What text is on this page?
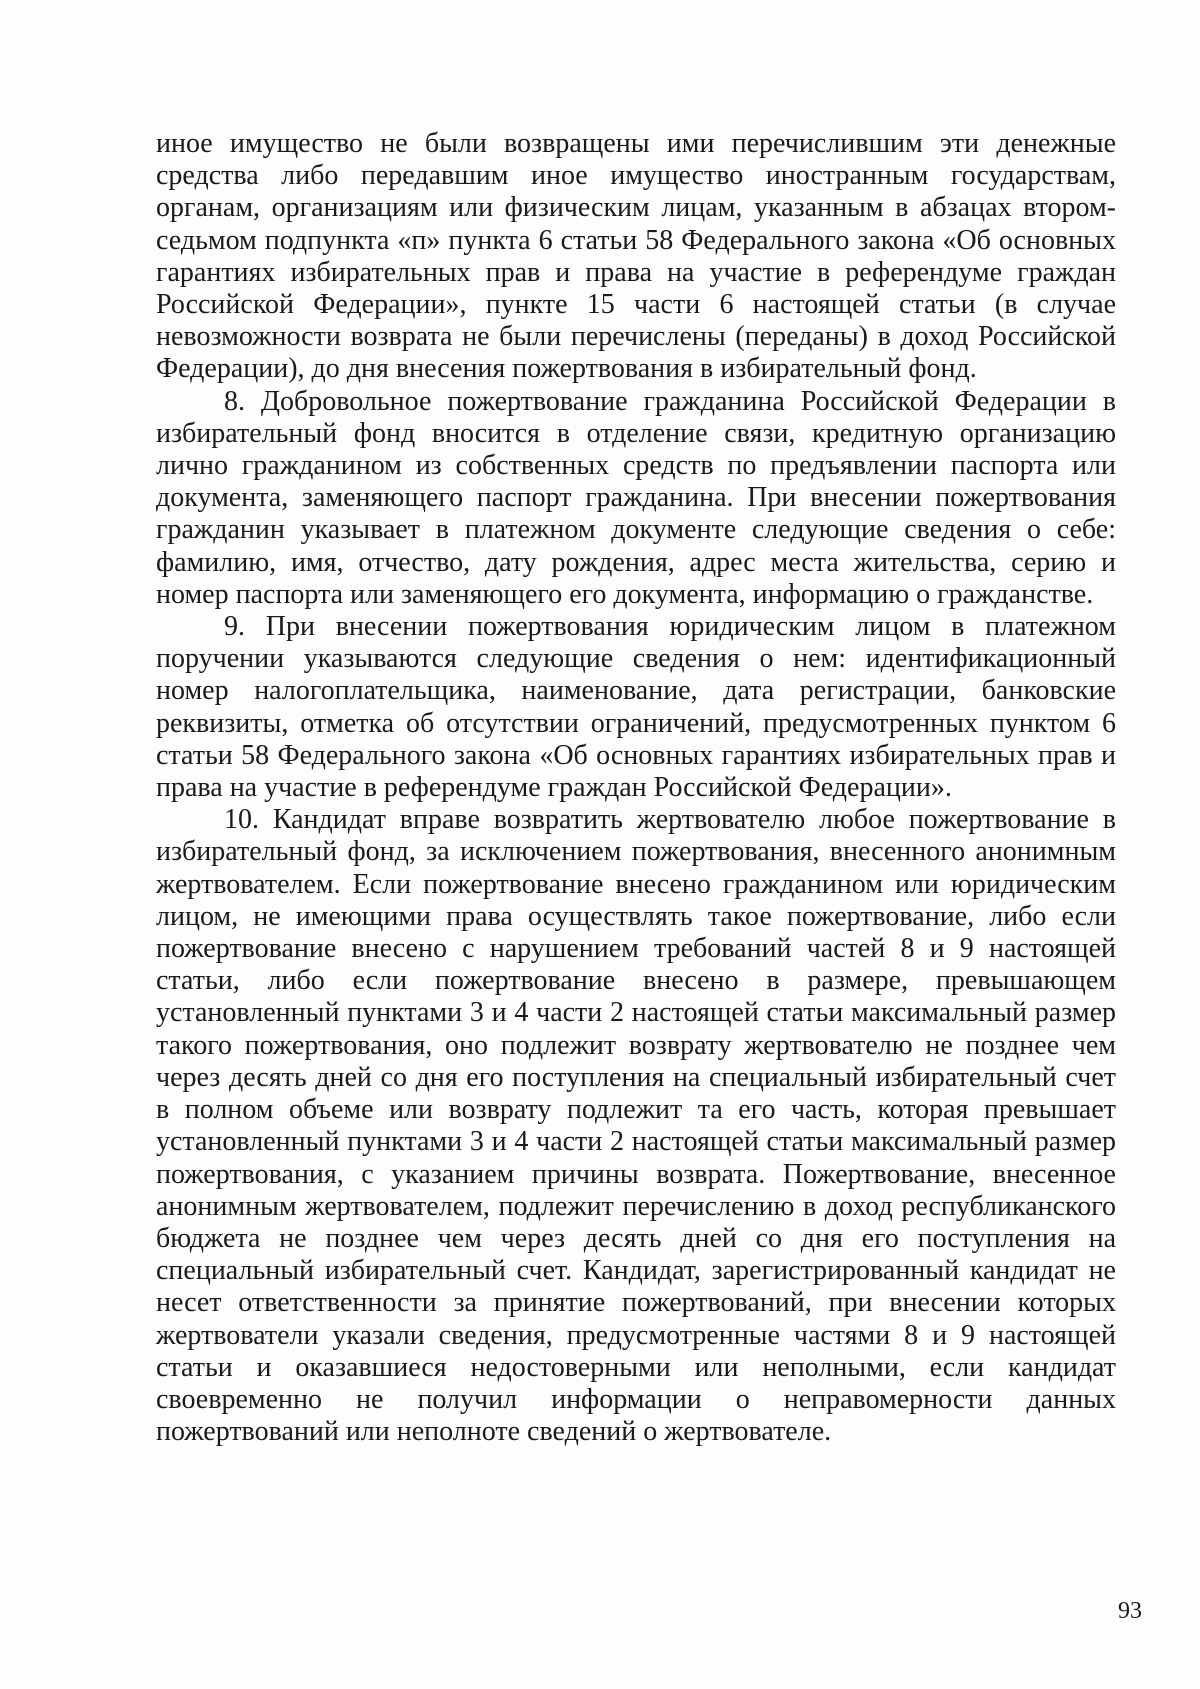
иное имущество не были возвращены ими перечислившим эти денежные средства либо передавшим иное имущество иностранным государствам, органам, организациям или физическим лицам, указанным в абзацах втором-седьмом подпункта «п» пункта 6 статьи 58 Федерального закона «Об основных гарантиях избирательных прав и права на участие в референдуме граждан Российской Федерации», пункте 15 части 6 настоящей статьи (в случае невозможности возврата не были перечислены (переданы) в доход Российской Федерации), до дня внесения пожертвования в избирательный фонд.

8. Добровольное пожертвование гражданина Российской Федерации в избирательный фонд вносится в отделение связи, кредитную организацию лично гражданином из собственных средств по предъявлении паспорта или документа, заменяющего паспорт гражданина. При внесении пожертвования гражданин указывает в платежном документе следующие сведения о себе: фамилию, имя, отчество, дату рождения, адрес места жительства, серию и номер паспорта или заменяющего его документа, информацию о гражданстве.

9. При внесении пожертвования юридическим лицом в платежном поручении указываются следующие сведения о нем: идентификационный номер налогоплательщика, наименование, дата регистрации, банковские реквизиты, отметка об отсутствии ограничений, предусмотренных пунктом 6 статьи 58 Федерального закона «Об основных гарантиях избирательных прав и права на участие в референдуме граждан Российской Федерации».

10. Кандидат вправе возвратить жертвователю любое пожертвование в избирательный фонд, за исключением пожертвования, внесенного анонимным жертвователем. Если пожертвование внесено гражданином или юридическим лицом, не имеющими права осуществлять такое пожертвование, либо если пожертвование внесено с нарушением требований частей 8 и 9 настоящей статьи, либо если пожертвование внесено в размере, превышающем установленный пунктами 3 и 4 части 2 настоящей статьи максимальный размер такого пожертвования, оно подлежит возврату жертвователю не позднее чем через десять дней со дня его поступления на специальный избирательный счет в полном объеме или возврату подлежит та его часть, которая превышает установленный пунктами 3 и 4 части 2 настоящей статьи максимальный размер пожертвования, с указанием причины возврата. Пожертвование, внесенное анонимным жертвователем, подлежит перечислению в доход республиканского бюджета не позднее чем через десять дней со дня его поступления на специальный избирательный счет. Кандидат, зарегистрированный кандидат не несет ответственности за принятие пожертвований, при внесении которых жертвователи указали сведения, предусмотренные частями 8 и 9 настоящей статьи и оказавшиеся недостоверными или неполными, если кандидат своевременно не получил информации о неправомерности данных пожертвований или неполноте сведений о жертвователе.

93
